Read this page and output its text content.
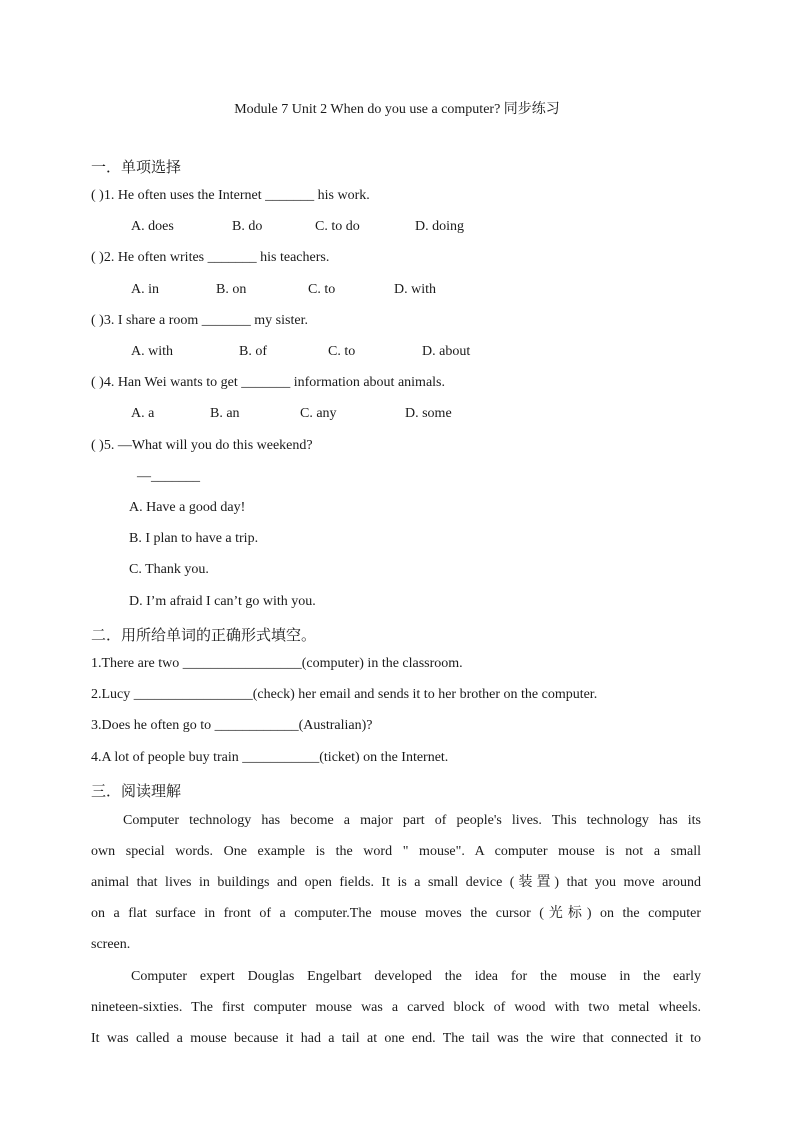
Module 7 Unit 2 When do you use a computer? 同步练习
一．单项选择
( )1. He often uses the Internet _______ his work.
A. does	B. do	C. to do	D. doing
( )2. He often writes _______ his teachers.
A. in	B. on	C. to	D. with
( )3. I share a room _______ my sister.
A. with	B. of	C. to	D. about
( )4. Han Wei wants to get _______ information about animals.
A. a	B. an	C. any	D. some
( )5. —What will you do this weekend?
—_______
A. Have a good day!
B. I plan to have a trip.
C. Thank you.
D. I’m afraid I can’t go with you.
二．用所给单词的正确形式填空。
1.There are two _________________(computer) in the classroom.
2.Lucy _________________(check) her email and sends it to her brother on the computer.
3.Does he often go to ____________(Australian)?
4.A lot of people buy train ___________(ticket) on the Internet.
三．阅读理解
Computer technology has become a major part of people's lives. This technology has its
own special words. One example is the word " mouse". A computer mouse is not a small
animal that lives in buildings and open fields. It is a small device (装置) that you move around
on a flat surface in front of a computer.The mouse moves the cursor (光标) on the computer
screen.
Computer expert Douglas Engelbart developed the idea for the mouse in the early
nineteen-sixties. The first computer mouse was a carved block of wood with two metal wheels.
It was called a mouse because it had a tail at one end. The tail was the wire that connected it to
